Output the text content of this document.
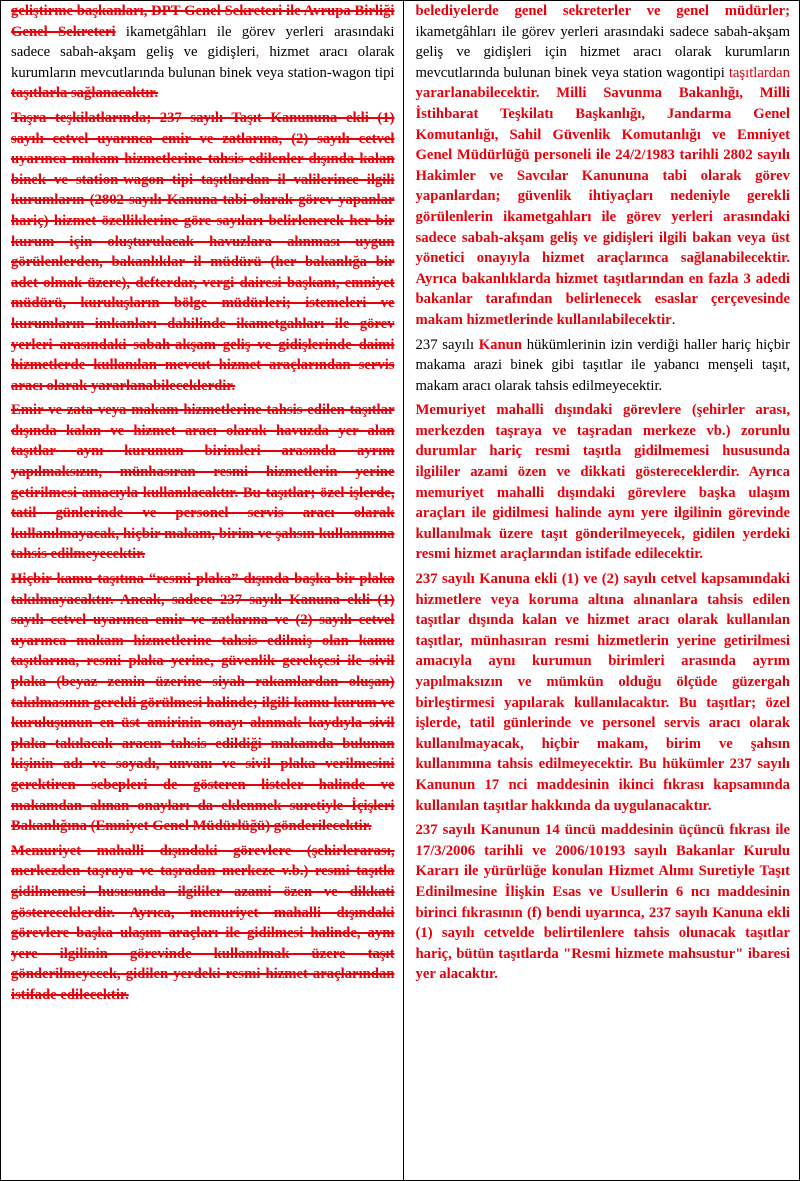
geliştirme başkanları, DPT Genel Sekreteri ile Avrupa Birliği Genel Sekreteri ikametgâhları ile görev yerleri arasındaki sadece sabah-akşam geliş ve gidişleri, hizmet aracı olarak kurumların mevcutlarında bulunan binek veya station-wagon tipi taşıtlarla sağlanacaktır.

Taşra teşkilatlarında; 237 sayılı Taşıt Kanununa ekli (1) sayılı cetvel uyarınca emir ve zatlarına, (2) sayılı cetvel uyarınca makam hizmetlerine tahsis edilenler dışında kalan binek ve station-wagon tipi taşıtlardan il valilerince ilgili kurumların (2802 sayılı Kanuna tabi olarak görev yapanlar hariç) hizmet özelliklerine göre sayıları belirlenerek her bir kurum için oluşturulacak havuzlara alınması uygun görülenlerden, bakanlıklar il müdürü (her bakanlığa bir adet olmak üzere), defterdar, vergi dairesi başkanı, emniyet müdürü, kuruluşların bölge müdürleri; istemeleri ve kurumların imkanları dahilinde ikametgahları ile görev yerleri arasındaki sabah-akşam geliş ve gidişlerinde daimi hizmetlerde kullanılan mevcut hizmet araçlarından servis aracı olarak yararlanabileceklerdir.

Emir ve zata veya makam hizmetlerine tahsis edilen taşıtlar dışında kalan ve hizmet aracı olarak havuzda yer alan taşıtlar aynı kurumun birimleri arasında ayrım yapılmaksızın, münhasıran resmi hizmetlerin yerine getirilmesi amacıyla kullanılacaktır. Bu taşıtlar; özel işlerde, tatil günlerinde ve personel servis aracı olarak kullanılmayacak, hiçbir makam, birim ve şahsın kullanımına tahsis edilmeyecektir.

Hiçbir kamu taşıtına “resmi plaka” dışında başka bir plaka takılmayacaktır. Ancak, sadece 237 sayılı Kanuna ekli (1) sayılı cetvel uyarınca emir ve zatlarına ve (2) sayılı cetvel uyarınca makam hizmetlerine tahsis edilmiş olan kamu taşıtlarına, resmi plaka yerine, güvenlik gerekçesi ile sivil plaka (beyaz zemin üzerine siyah rakamlardan oluşan) takılmasının gerekli görülmesi halinde; ilgili kamu kurum ve kuruluşunun en üst amirinin onayı alınmak kaydıyla sivil plaka takılacak aracın tahsis edildiği makamda bulunan kişinin adı ve soyadı, unvanı ve sivil plaka verilmesini gerektiren sebepleri de gösteren listeler halinde ve makamdan alınan onayları da eklenmek suretiyle İçişleri Bakanlığına (Emniyet Genel Müdürlüğü) gönderilecektir.

Memuriyet mahalli dışındaki görevlere (şehirlerarası, merkezden taşraya ve taşradan merkeze v.b.) resmi taşıtla gidilmemesi hususunda ilgililer azami özen ve dikkati göstereceklerdir. Ayrıca, memuriyet mahalli dışındaki görevlere başka ulaşım araçları ile gidilmesi halinde, aynı yere ilgilinin görevinde kullanılmak üzere taşıt gönderilmeyecek, gidilen yerdeki resmi hizmet araçlarından istifade edilecektir.

belediyelerde genel sekreterler ve genel müdürler; ikametgâhları ile görev yerleri arasındaki sadece sabah-akşam geliş ve gidişleri için hizmet aracı olarak kurumların mevcutlarında bulunan binek veya station wagontipi taşıtlardan yararlanabilecektir. Milli Savunma Bakanlığı, Milli İstihbarat Teşkilatı Başkanlığı, Jandarma Genel Komutanlığı, Sahil Güvenlik Komutanlığı ve Emniyet Genel Müdürlüğü personeli ile 24/2/1983 tarihli 2802 sayılı Hakimler ve Savcılar Kanununa tabi olarak görev yapanlardan; güvenlik ihtiyaçları nedeniyle gerekli görülenlerin ikametgahları ile görev yerleri arasındaki sadece sabah-akşam geliş ve gidişleri ilgili bakan veya üst yönetici onayıyla hizmet araçlarınca sağlanabilecektir. Ayrıca bakanlıklarda hizmet taşıtlarından en fazla 3 adedi bakanlar tarafından belirlenecek esaslar çerçevesinde makam hizmetlerinde kullanılabilecektir.

237 sayılı Kanun hükümlerinin izin verdiği haller hariç hiçbir makama arazi binek gibi taşıtlar ile yabancı menşeli taşıt, makam aracı olarak tahsis edilmeyecektir.

Memuriyet mahalli dışındaki görevlere (şehirler arası, merkezden taşraya ve taşradan merkeze vb.) zorunlu durumlar hariç resmi taşıtla gidilmemesi hususunda ilgililer azami özen ve dikkati göstereceklerdir. Ayrıca memuriyet mahalli dışındaki görevlere başka ulaşım araçları ile gidilmesi halinde aynı yere ilgilinin görevinde kullanılmak üzere taşıt gönderilmeyecek, gidilen yerdeki resmi hizmet araçlarından istifade edilecektir.

237 sayılı Kanuna ekli (1) ve (2) sayılı cetvel kapsamındaki hizmetlere veya koruma altına alınanlara tahsis edilen taşıtlar dışında kalan ve hizmet aracı olarak kullanılan taşıtlar, münhasıran resmi hizmetlerin yerine getirilmesi amacıyla aynı kurumun birimleri arasında ayrım yapılmaksızın ve mümkün olduğu ölçüde güzergah birleştirmesi yapılarak kullanılacaktır. Bu taşıtlar; özel işlerde, tatil günlerinde ve personel servis aracı olarak kullanılmayacak, hiçbir makam, birim ve şahsın kullanımına tahsis edilmeyecektir. Bu hükümler 237 sayılı Kanunun 17 nci maddesinin ikinci fıkrası kapsamında kullanılan taşıtlar hakkında da uygulanacaktır.

237 sayılı Kanunun 14 üncü maddesinin üçüncü fıkrası ile 17/3/2006 tarihli ve 2006/10193 sayılı Bakanlar Kurulu Kararı ile yürürlüğe konulan Hizmet Alımı Suretiyle Taşıt Edinilmesine İlişkin Esas ve Usullerin 6 ncı maddesinin birinci fıkrasının (f) bendi uyarınca, 237 sayılı Kanuna ekli (1) sayılı cetvelde belirtilenlere tahsis olunacak taşıtlar hariç, bütün taşıtlarda "Resmi hizmete mahsustur" ibaresi yer alacaktır.
